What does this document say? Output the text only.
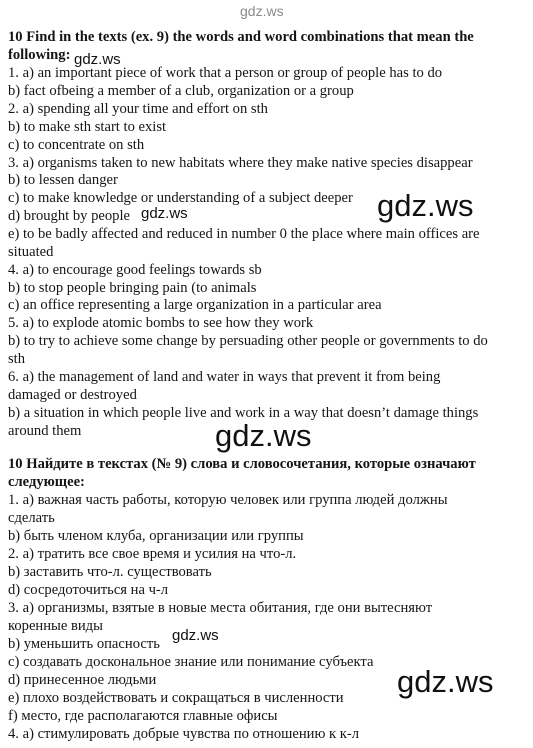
gdz.ws
10 Find in the texts (ex. 9) the words and word combinations that mean the
following:
1. a) an important piece of work that a person or group of people has to do
b) fact ofbeing a member of a club, organization or a group
2. a) spending all your time and effort on sth
b) to make sth start to exist
c) to concentrate on sth
3. a) organisms taken to new habitats where they make native species disappear
b) to lessen danger
c) to make knowledge or understanding of a subject deeper
d) brought by people
e) to be badly affected and reduced in number 0 the place where main offices are
situated
4. a) to encourage good feelings towards sb
b) to stop people bringing pain (to animals
c) an office representing a large organization in a particular area
5. a) to explode atomic bombs to see how they work
b) to try to achieve some change by persuading other people or governments to do
sth
6. a) the management of land and water in ways that prevent it from being
damaged or destroyed
b) a situation in which people live and work in a way that doesn’t damage things
around them
10 Найдите в текстах (№ 9) слова и словосочетания, которые означают
следующее:
1. а) важная часть работы, которую человек или группа людей должны
сделать
b) быть членом клуба, организации или группы
2. а) тратить все свое время и усилия на что-л.
b) заставить что-л. существовать
d) сосредоточиться на ч-л
3. а) организмы, взятые в новые места обитания, где они вытесняют
коренные виды
b) уменьшить опасность
c) создавать доскональное знание или понимание субъекта
d) принесенное людьми
e) плохо воздействовать и сокращаться в численности
f) место, где располагаются главные офисы
4. а) стимулировать добрые чувства по отношению к к-л
gdz.ws
gdz.ws
gdz.ws
gdz.ws
gdz.ws
gdz.ws
